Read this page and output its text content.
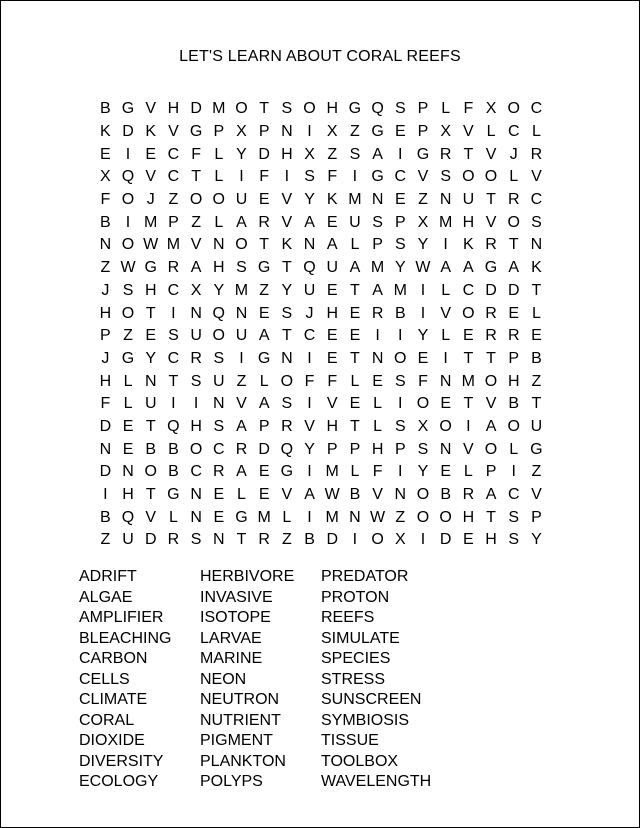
LET'S LEARN ABOUT CORAL REEFS
B G V H D M O T S O H G Q S P L F X O C
K D K V G P X P N I X Z G E P X V L C L
E I E C F L Y D H X Z S A I G R T V J R
X Q V C T L	I F I S F I G C V S O O L V
F O J Z O O U E V Y K M N E Z N U T R C
B I M P Z L A R V A E U S P X M H V O S
N O W M V N O T K N A L P S Y I K R T N
Z W G R A H S G T Q U A M Y W A A G A K
J S H C X Y M Z Y U E T A M I	L C D D T
H O T I N Q N E S J H E R B I V O R E L
P Z E S U O U A T C E E I	I Y L E R R E
J G Y C R S I G N I E T N O E I T T P B
H L N T S U Z L O F F L E S F N M O H Z
F L U I	I N V A S I V E L	I O E T V B T
D E T Q H S A P R V H T L S X O I A O U
N E B B O C R D Q Y P P H P S N V O L G
D N O B C R A E G I M L F I Y E L P I Z
I H T G N E L E V A W B V N O B R A C V
B Q V L N E G M L	I M N W Z O O H T S P
Z U D R S N T R Z B D I O X I D E H S Y
ADRIFT
ALGAE
AMPLIFIER
BLEACHING
CARBON
CELLS
CLIMATE
CORAL
DIOXIDE
DIVERSITY
ECOLOGY
HERBIVORE
INVASIVE
ISOTOPE
LARVAE
MARINE
NEON
NEUTRON
NUTRIENT
PIGMENT
PLANKTON
POLYPS
PREDATOR
PROTON
REEFS
SIMULATE
SPECIES
STRESS
SUNSCREEN
SYMBIOSIS
TISSUE
TOOLBOX
WAVELENGTH
